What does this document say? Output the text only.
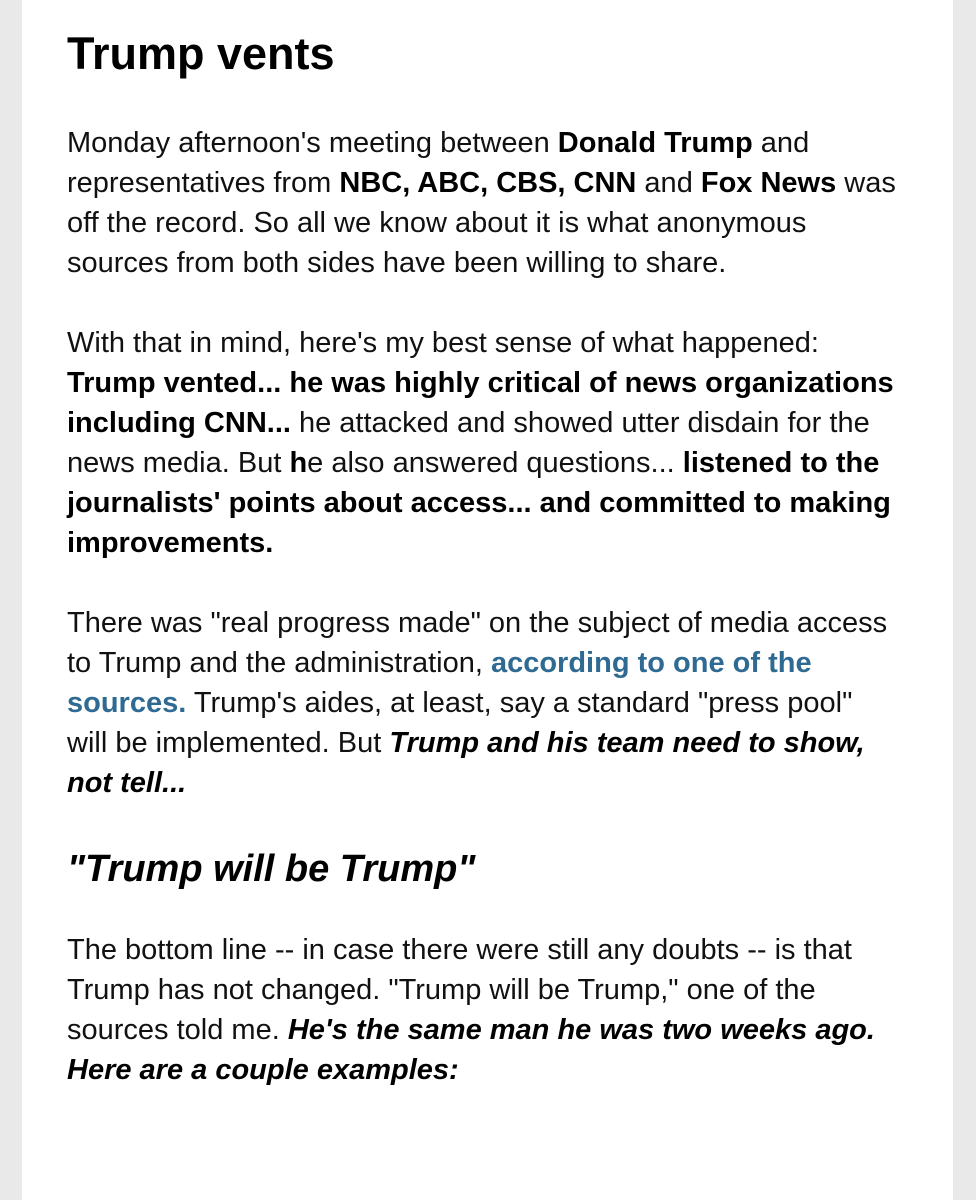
Trump vents

Monday afternoon's meeting between Donald Trump and representatives from NBC, ABC, CBS, CNN and Fox News was off the record. So all we know about it is what anonymous sources from both sides have been willing to share.

With that in mind, here's my best sense of what happened: Trump vented... he was highly critical of news organizations including CNN... he attacked and showed utter disdain for the news media. But he also answered questions... listened to the journalists' points about access... and committed to making improvements.

There was "real progress made" on the subject of media access to Trump and the administration, according to one of the sources. Trump's aides, at least, say a standard "press pool" will be implemented. But Trump and his team need to show, not tell...

"Trump will be Trump"

The bottom line -- in case there were still any doubts -- is that Trump has not changed. "Trump will be Trump," one of the sources told me. He's the same man he was two weeks ago. Here are a couple examples:
